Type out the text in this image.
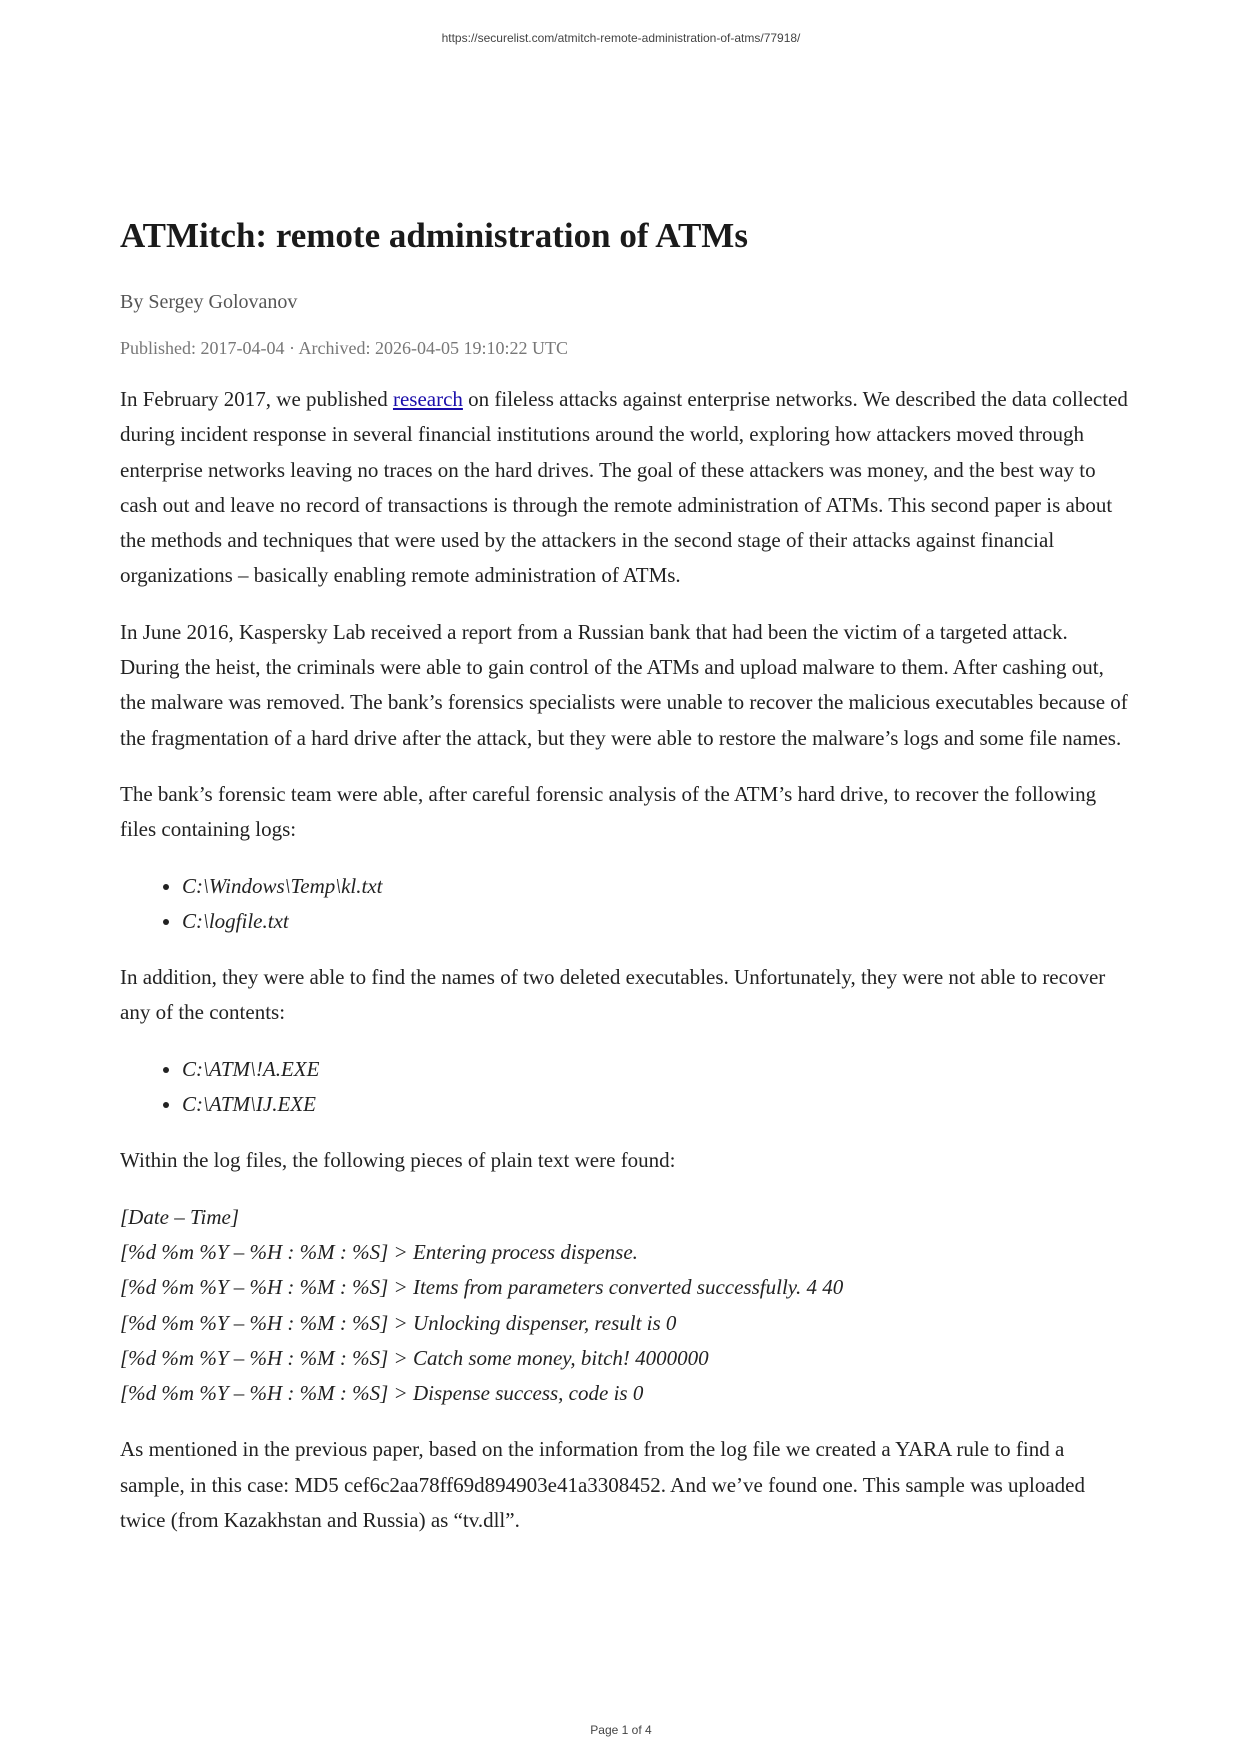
https://securelist.com/atmitch-remote-administration-of-atms/77918/
ATMitch: remote administration of ATMs

By Sergey Golovanov

Published: 2017-04-04 · Archived: 2026-04-05 19:10:22 UTC

In February 2017, we published research on fileless attacks against enterprise networks. We described the data collected during incident response in several financial institutions around the world, exploring how attackers moved through enterprise networks leaving no traces on the hard drives. The goal of these attackers was money, and the best way to cash out and leave no record of transactions is through the remote administration of ATMs. This second paper is about the methods and techniques that were used by the attackers in the second stage of their attacks against financial organizations – basically enabling remote administration of ATMs.

In June 2016, Kaspersky Lab received a report from a Russian bank that had been the victim of a targeted attack. During the heist, the criminals were able to gain control of the ATMs and upload malware to them. After cashing out, the malware was removed. The bank’s forensics specialists were unable to recover the malicious executables because of the fragmentation of a hard drive after the attack, but they were able to restore the malware’s logs and some file names.

The bank’s forensic team were able, after careful forensic analysis of the ATM’s hard drive, to recover the following files containing logs:

• C:\Windows\Temp\kl.txt
• C:\logfile.txt

In addition, they were able to find the names of two deleted executables. Unfortunately, they were not able to recover any of the contents:

• C:\ATM\!A.EXE
• C:\ATM\IJ.EXE

Within the log files, the following pieces of plain text were found:

[Date – Time]
[%d %m %Y – %H : %M : %S] > Entering process dispense.
[%d %m %Y – %H : %M : %S] > Items from parameters converted successfully. 4 40
[%d %m %Y – %H : %M : %S] > Unlocking dispenser, result is 0
[%d %m %Y – %H : %M : %S] > Catch some money, bitch! 4000000
[%d %m %Y – %H : %M : %S] > Dispense success, code is 0

As mentioned in the previous paper, based on the information from the log file we created a YARA rule to find a sample, in this case: MD5 cef6c2aa78ff69d894903e41a3308452. And we’ve found one. This sample was uploaded twice (from Kazakhstan and Russia) as “tv.dll”.

Page 1 of 4
